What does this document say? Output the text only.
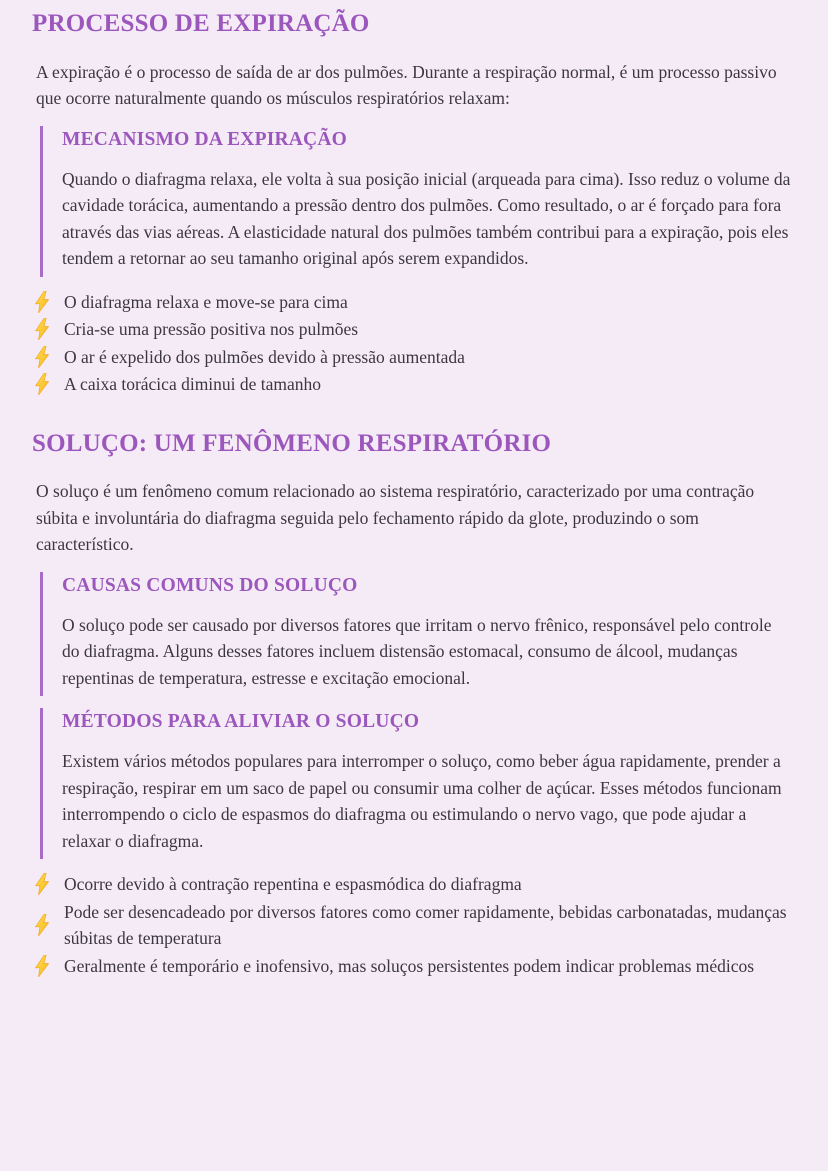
PROCESSO DE EXPIRAÇÃO

A expiração é o processo de saída de ar dos pulmões. Durante a respiração normal, é um processo passivo que ocorre naturalmente quando os músculos respiratórios relaxam:

MECANISMO DA EXPIRAÇÃO

Quando o diafragma relaxa, ele volta à sua posição inicial (arqueada para cima). Isso reduz o volume da cavidade torácica, aumentando a pressão dentro dos pulmões. Como resultado, o ar é forçado para fora através das vias aéreas. A elasticidade natural dos pulmões também contribui para a expiração, pois eles tendem a retornar ao seu tamanho original após serem expandidos.

O diafragma relaxa e move-se para cima
Cria-se uma pressão positiva nos pulmões
O ar é expelido dos pulmões devido à pressão aumentada
A caixa torácica diminui de tamanho
SOLUÇO: UM FENÔMENO RESPIRATÓRIO

O soluço é um fenômeno comum relacionado ao sistema respiratório, caracterizado por uma contração súbita e involuntária do diafragma seguida pelo fechamento rápido da glote, produzindo o som característico.

CAUSAS COMUNS DO SOLUÇO

O soluço pode ser causado por diversos fatores que irritam o nervo frênico, responsável pelo controle do diafragma. Alguns desses fatores incluem distensão estomacal, consumo de álcool, mudanças repentinas de temperatura, estresse e excitação emocional.

MÉTODOS PARA ALIVIAR O SOLUÇO

Existem vários métodos populares para interromper o soluço, como beber água rapidamente, prender a respiração, respirar em um saco de papel ou consumir uma colher de açúcar. Esses métodos funcionam interrompendo o ciclo de espasmos do diafragma ou estimulando o nervo vago, que pode ajudar a relaxar o diafragma.

Ocorre devido à contração repentina e espasmódica do diafragma
Pode ser desencadeado por diversos fatores como comer rapidamente, bebidas carbonatadas, mudanças súbitas de temperatura
Geralmente é temporário e inofensivo, mas soluços persistentes podem indicar problemas médicos
